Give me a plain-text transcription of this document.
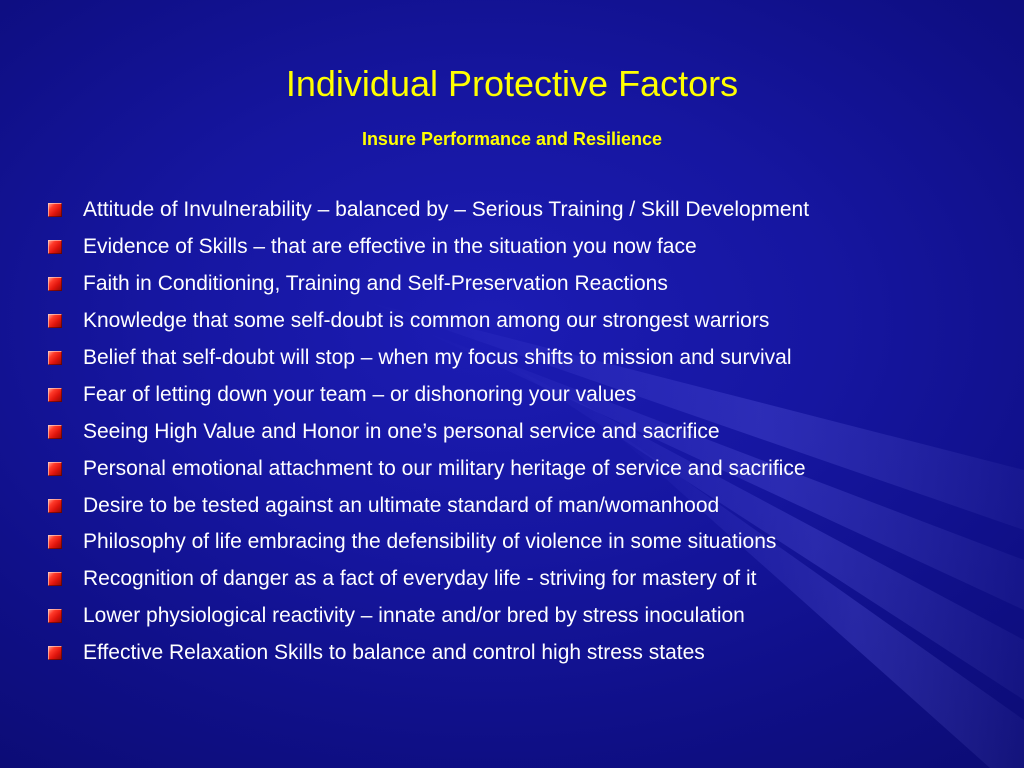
Individual Protective Factors
Insure Performance and Resilience
Attitude of Invulnerability – balanced by – Serious Training / Skill Development
Evidence of Skills – that are effective in the situation you now face
Faith in Conditioning, Training and Self-Preservation Reactions
Knowledge that some self-doubt is common among our strongest warriors
Belief that self-doubt will stop – when my focus shifts to mission and survival
Fear of letting down your team – or dishonoring your values
Seeing High Value and Honor in one’s personal service and sacrifice
Personal emotional attachment to our military heritage of service and sacrifice
Desire to be tested against an ultimate standard of man/womanhood
Philosophy of life embracing the defensibility of violence in some situations
Recognition of danger as a fact of everyday life - striving for mastery of it
Lower physiological reactivity – innate and/or bred by stress inoculation
Effective Relaxation Skills to balance and control high stress states
